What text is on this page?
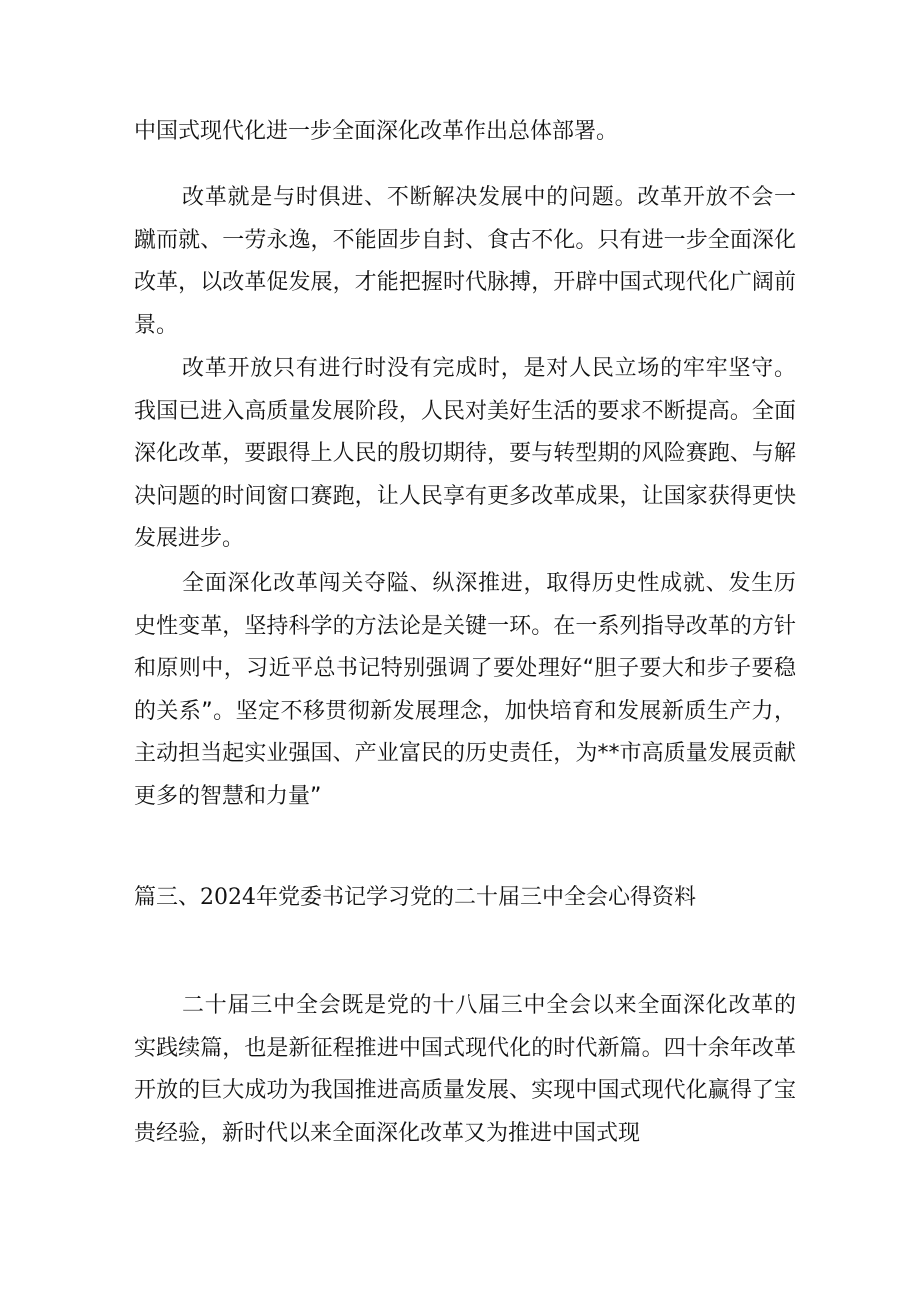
中国式现代化进一步全面深化改革作出总体部署。

改革就是与时俱进、不断解决发展中的问题。改革开放不会一蹴而就、一劳永逸，不能固步自封、食古不化。只有进一步全面深化改革，以改革促发展，才能把握时代脉搏，开辟中国式现代化广阔前景。

改革开放只有进行时没有完成时，是对人民立场的牢牢坚守。我国已进入高质量发展阶段，人民对美好生活的要求不断提高。全面深化改革，要跟得上人民的殷切期待，要与转型期的风险赛跑、与解决问题的时间窗口赛跑，让人民享有更多改革成果，让国家获得更快发展进步。

全面深化改革闯关夺隘、纵深推进，取得历史性成就、发生历史性变革，坚持科学的方法论是关键一环。在一系列指导改革的方针和原则中，习近平总书记特别强调了要处理好“胆子要大和步子要稳的关系”。坚定不移贯彻新发展理念，加快培育和发展新质生产力，主动担当起实业强国、产业富民的历史责任，为**市高质量发展贡献更多的智慧和力量”

篇三、2024年党委书记学习党的二十届三中全会心得资料

二十届三中全会既是党的十八届三中全会以来全面深化改革的实践续篇，也是新征程推进中国式现代化的时代新篇。四十余年改革开放的巨大成功为我国推进高质量发展、实现中国式现代化赢得了宝贵经验，新时代以来全面深化改革又为推进中国式现
